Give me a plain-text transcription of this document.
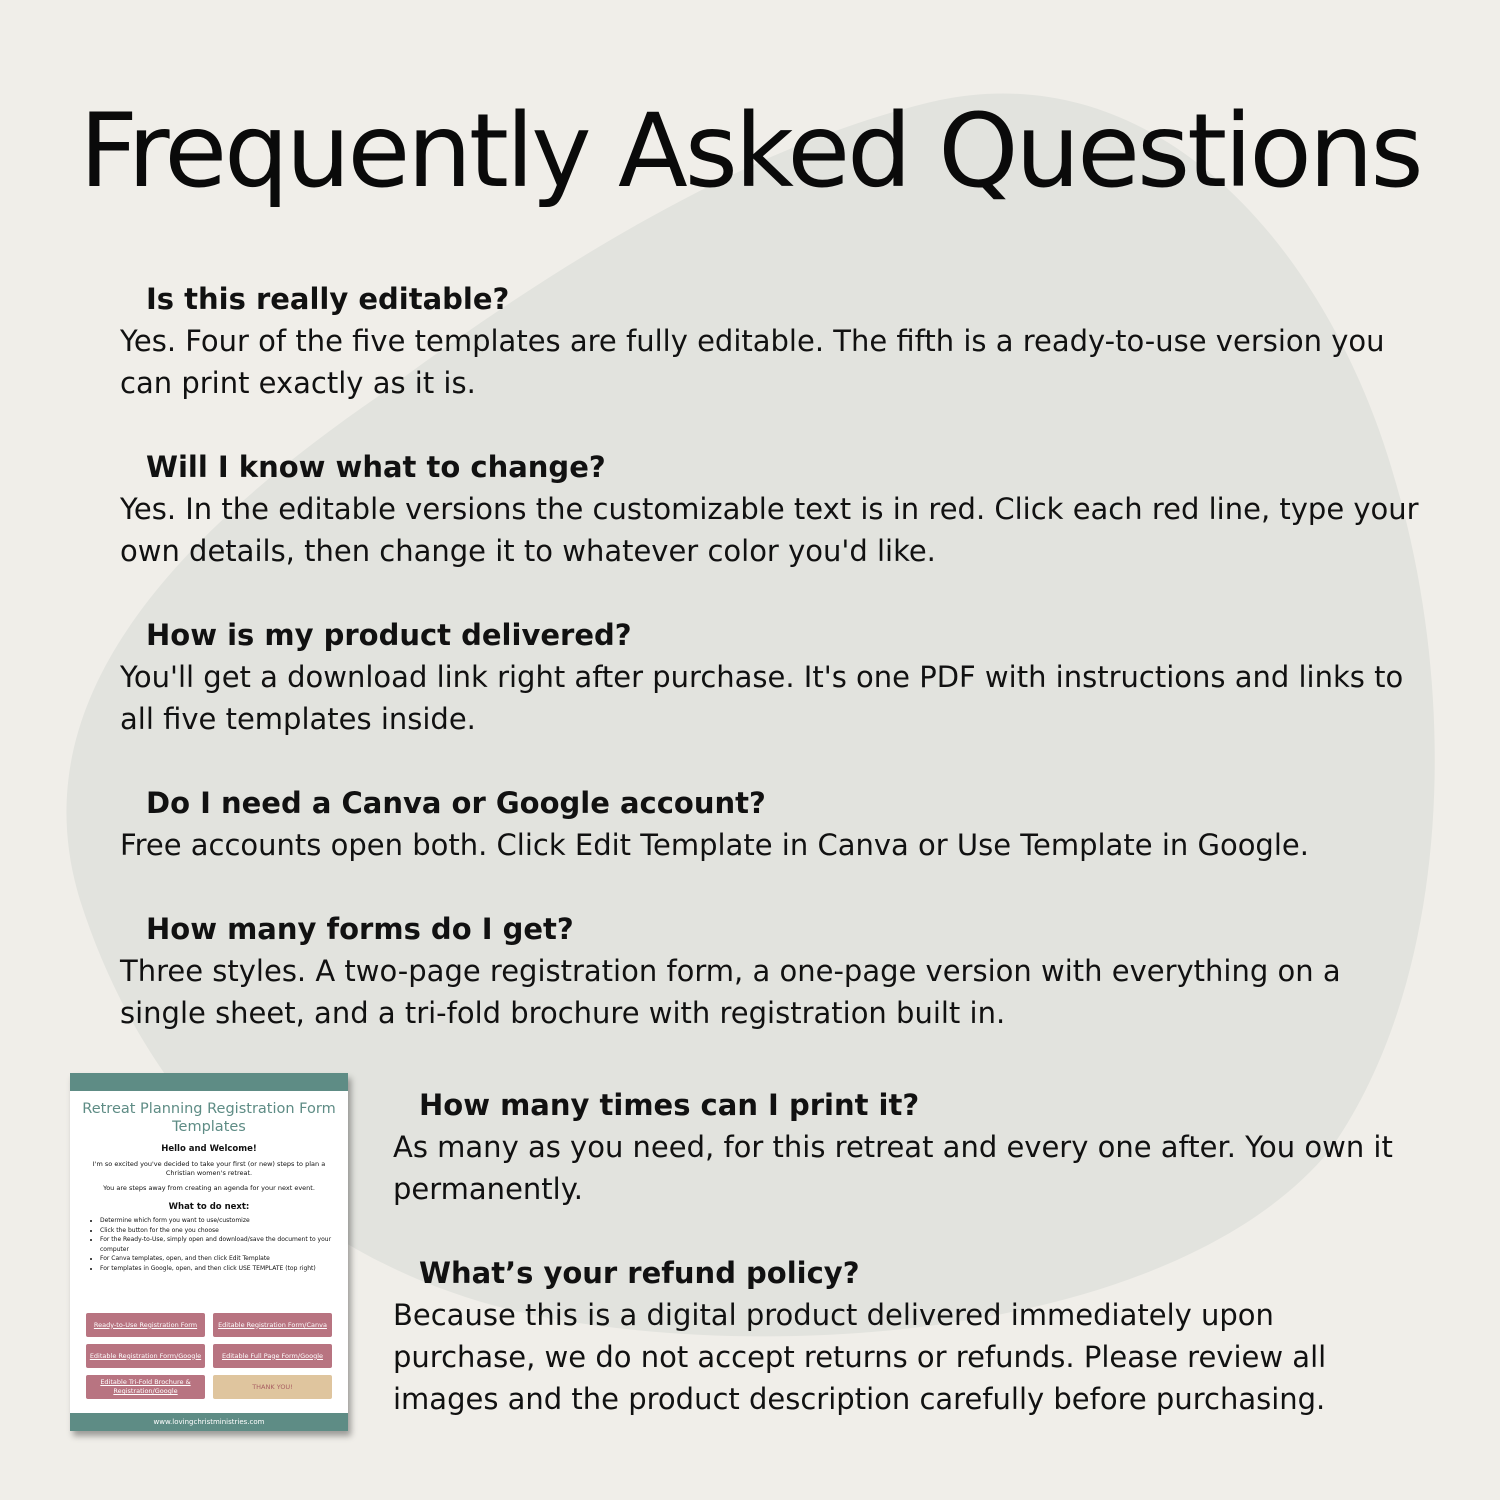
Frequently Asked Questions

Is this really editable?

Yes. Four of the five templates are fully editable. The fifth is a ready-to-use version you can print exactly as it is.

Will I know what to change?

Yes. In the editable versions the customizable text is in red. Click each red line, type your own details, then change it to whatever color you'd like.

How is my product delivered?

You'll get a download link right after purchase. It's one PDF with instructions and links to all five templates inside.

Do I need a Canva or Google account?

Free accounts open both. Click Edit Template in Canva or Use Template in Google.

How many forms do I get?

Three styles. A two-page registration form, a one-page version with everything on a single sheet, and a tri-fold brochure with registration built in.

How many times can I print it?

As many as you need, for this retreat and every one after. You own it permanently.

What’s your refund policy?

Because this is a digital product delivered immediately upon purchase, we do not accept returns or refunds. Please review all images and the product description carefully before purchasing.

Retreat Planning Registration Form Templates
Hello and Welcome!
I'm so excited you've decided to take your first (or new) steps to plan a Christian women's retreat.
You are steps away from creating an agenda for your next event.
What to do next:
• Determine which form you want to use/customize
• Click the button for the one you choose
• For the Ready-to-Use, simply open and download/save the document to your computer
• For Canva templates, open, and then click Edit Template
• For templates in Google, open, and then click USE TEMPLATE (top right)
Ready-to-Use Registration Form	Editable Registration Form/Canva
Editable Registration Form/Google	Editable Full Page Form/Google
Editable Tri-Fold Brochure & Registration/Google
THANK YOU!
www.lovingchristministries.com
